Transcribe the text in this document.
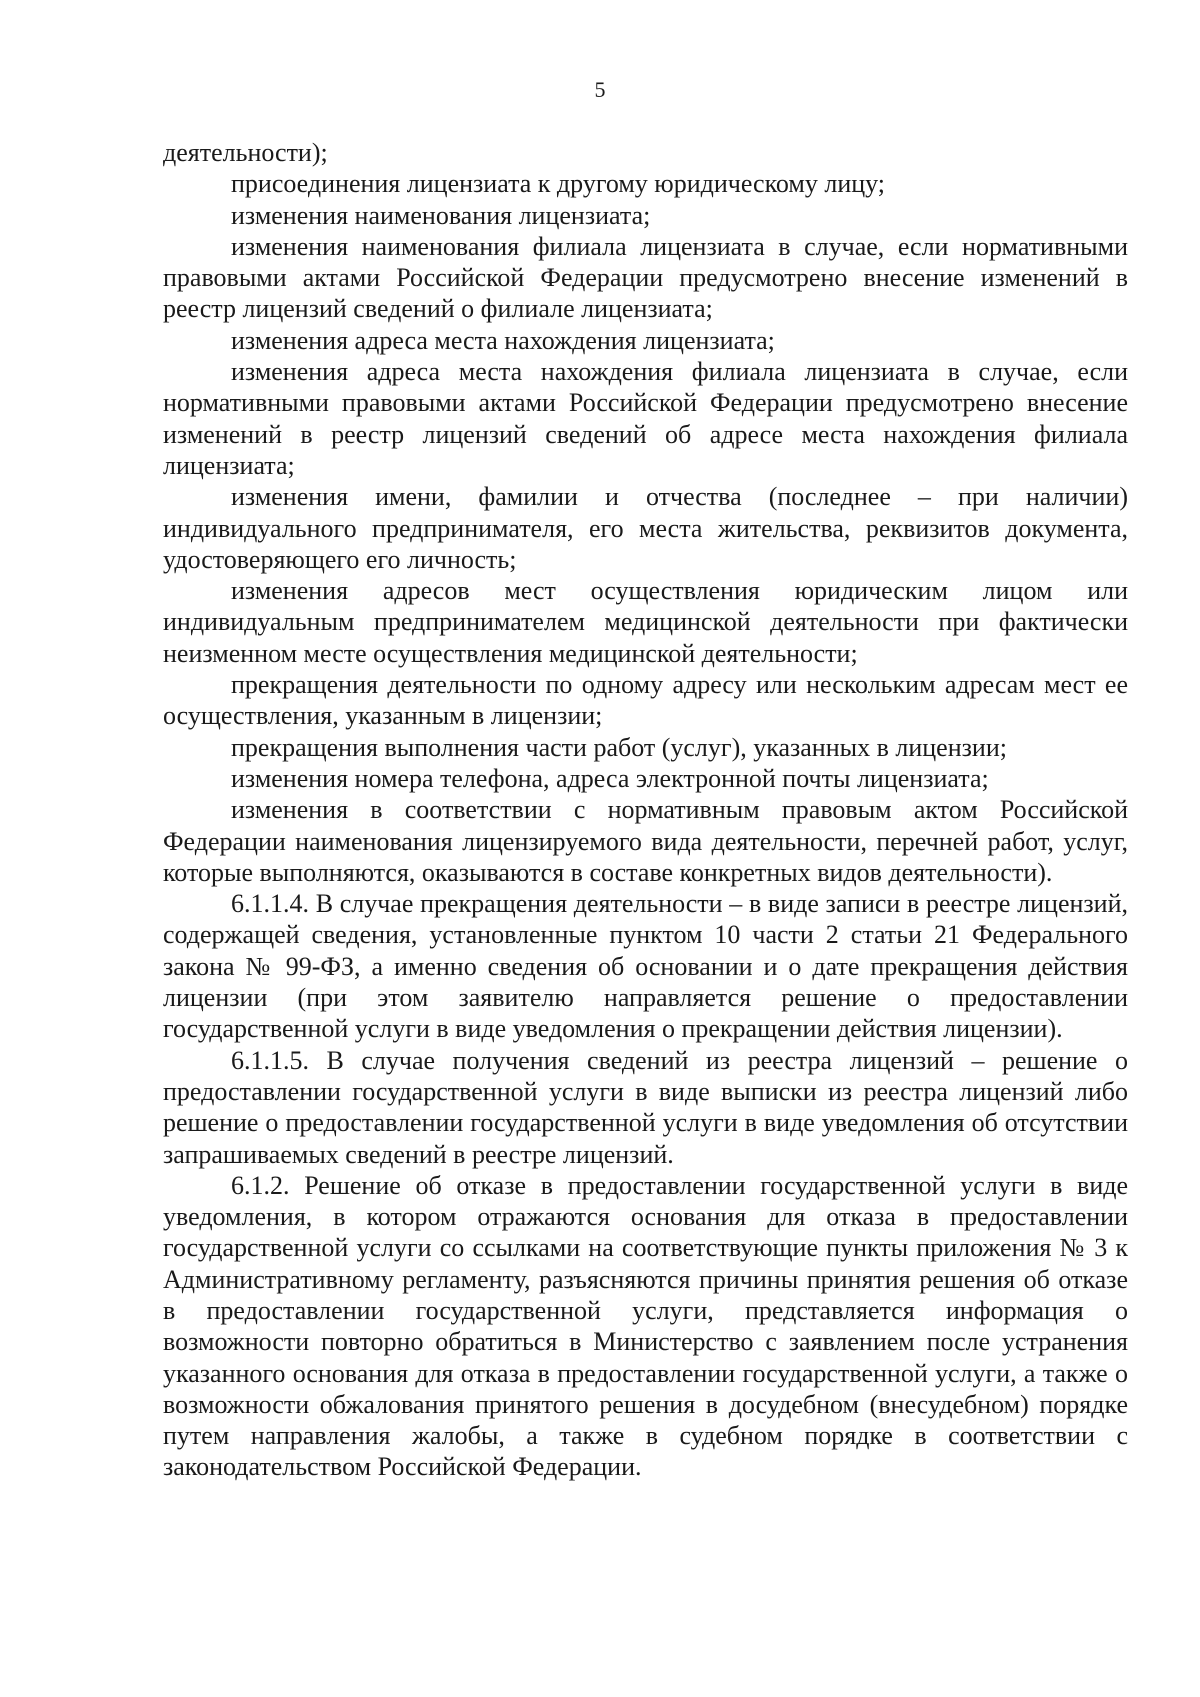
5

деятельности);

присоединения лицензиата к другому юридическому лицу;

изменения наименования лицензиата;

изменения наименования филиала лицензиата в случае, если нормативными правовыми актами Российской Федерации предусмотрено внесение изменений в реестр лицензий сведений о филиале лицензиата;

изменения адреса места нахождения лицензиата;

изменения адреса места нахождения филиала лицензиата в случае, если нормативными правовыми актами Российской Федерации предусмотрено внесение изменений в реестр лицензий сведений об адресе места нахождения филиала лицензиата;

изменения имени, фамилии и отчества (последнее – при наличии) индивидуального предпринимателя, его места жительства, реквизитов документа, удостоверяющего его личность;

изменения адресов мест осуществления юридическим лицом или индивидуальным предпринимателем медицинской деятельности при фактически неизменном месте осуществления медицинской деятельности;

прекращения деятельности по одному адресу или нескольким адресам мест ее осуществления, указанным в лицензии;

прекращения выполнения части работ (услуг), указанных в лицензии;

изменения номера телефона, адреса электронной почты лицензиата;

изменения в соответствии с нормативным правовым актом Российской Федерации наименования лицензируемого вида деятельности, перечней работ, услуг, которые выполняются, оказываются в составе конкретных видов деятельности).

6.1.1.4. В случае прекращения деятельности – в виде записи в реестре лицензий, содержащей сведения, установленные пунктом 10 части 2 статьи 21 Федерального закона № 99-ФЗ, а именно сведения об основании и о дате прекращения действия лицензии (при этом заявителю направляется решение о предоставлении государственной услуги в виде уведомления о прекращении действия лицензии).

6.1.1.5. В случае получения сведений из реестра лицензий – решение о предоставлении государственной услуги в виде выписки из реестра лицензий либо решение о предоставлении государственной услуги в виде уведомления об отсутствии запрашиваемых сведений в реестре лицензий.

6.1.2. Решение об отказе в предоставлении государственной услуги в виде уведомления, в котором отражаются основания для отказа в предоставлении государственной услуги со ссылками на соответствующие пункты приложения № 3 к Административному регламенту, разъясняются причины принятия решения об отказе в предоставлении государственной услуги, представляется информация о возможности повторно обратиться в Министерство с заявлением после устранения указанного основания для отказа в предоставлении государственной услуги, а также о возможности обжалования принятого решения в досудебном (внесудебном) порядке путем направления жалобы, а также в судебном порядке в соответствии с законодательством Российской Федерации.
